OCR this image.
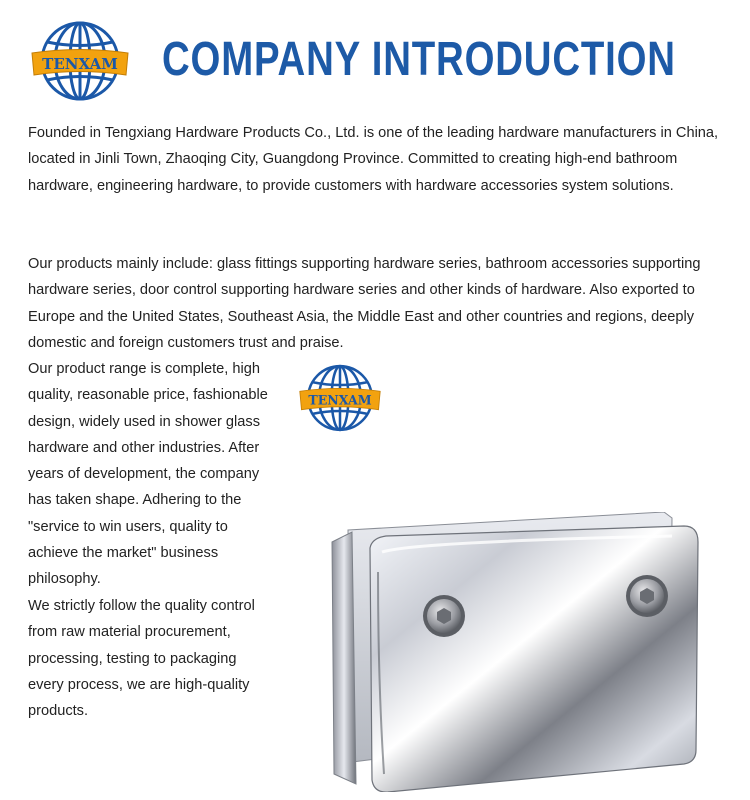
TENXAM COMPANY INTRODUCTION

Founded in Tengxiang Hardware Products Co., Ltd. is one of the leading hardware manufacturers in China, located in Jinli Town, Zhaoqing City, Guangdong Province. Committed to creating high-end bathroom hardware, engineering hardware, to provide customers with hardware accessories system solutions.

Our products mainly include: glass fittings supporting hardware series, bathroom accessories supporting hardware series, door control supporting hardware series and other kinds of hardware. Also exported to Europe and the United States, Southeast Asia, the Middle East and other countries and regions, deeply domestic and foreign customers trust and praise.

Our product range is complete, high quality, reasonable price, fashionable design, widely used in shower glass hardware and other industries. After years of development, the company has taken shape. Adhering to the "service to win users, quality to achieve the market" business philosophy.

We strictly follow the quality control from raw material procurement, processing, testing to packaging every process, we are high-quality products.

TENXAM
